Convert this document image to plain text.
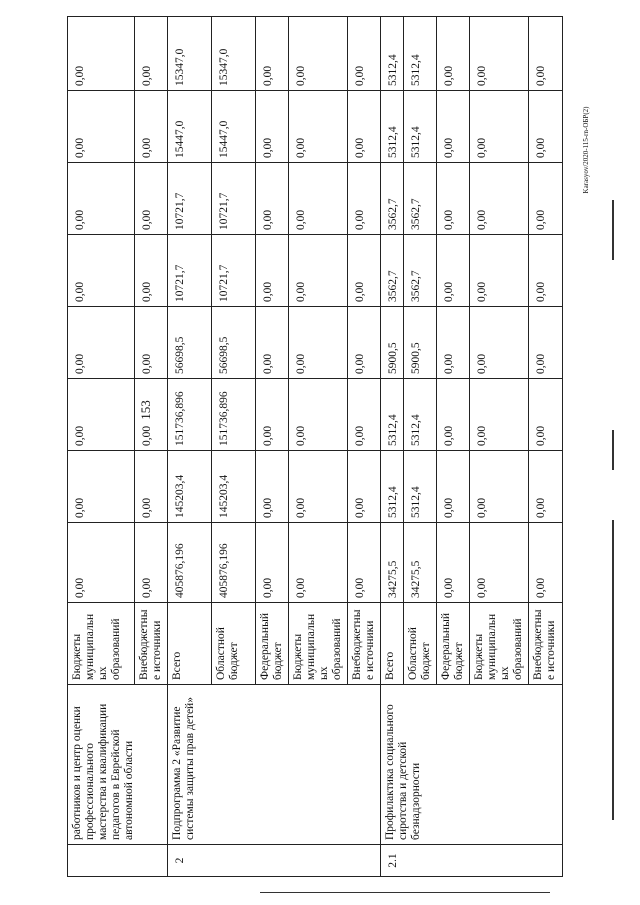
153
Karasyov/2020-115-rn-OБР(2)
	работников и центр оценки профессионального мастерства и квалификации педагогов в Еврейской автономной области	Бюджеты муниципальных образований	0,00	0,00	0,00	0,00	0,00	0,00	0,00	0,00
		Внебюджетные источники	0,00	0,00	0,00	0,00	0,00	0,00	0,00	0,00
2	Подпрограмма 2 «Развитие системы защиты прав детей»	Всего	405876,196	145203,4	151736,896	56698,5	10721,7	10721,7	15447,0	15347,0
		Областной бюджет	405876,196	145203,4	151736,896	56698,5	10721,7	10721,7	15447,0	15347,0
		Федеральный бюджет	0,00	0,00	0,00	0,00	0,00	0,00	0,00	0,00
		Бюджеты муниципальных образований	0,00	0,00	0,00	0,00	0,00	0,00	0,00	0,00
		Внебюджетные источники	0,00	0,00	0,00	0,00	0,00	0,00	0,00	0,00
2.1	Профилактика социального сиротства и детской безнадзорности	Всего	34275,5	5312,4	5312,4	5900,5	3562,7	3562,7	5312,4	5312,4
		Областной бюджет	34275,5	5312,4	5312,4	5900,5	3562,7	3562,7	5312,4	5312,4
		Федеральный бюджет	0,00	0,00	0,00	0,00	0,00	0,00	0,00	0,00
		Бюджеты муниципальных образований	0,00	0,00	0,00	0,00	0,00	0,00	0,00	0,00
		Внебюджетные источники	0,00	0,00	0,00	0,00	0,00	0,00	0,00	0,00
